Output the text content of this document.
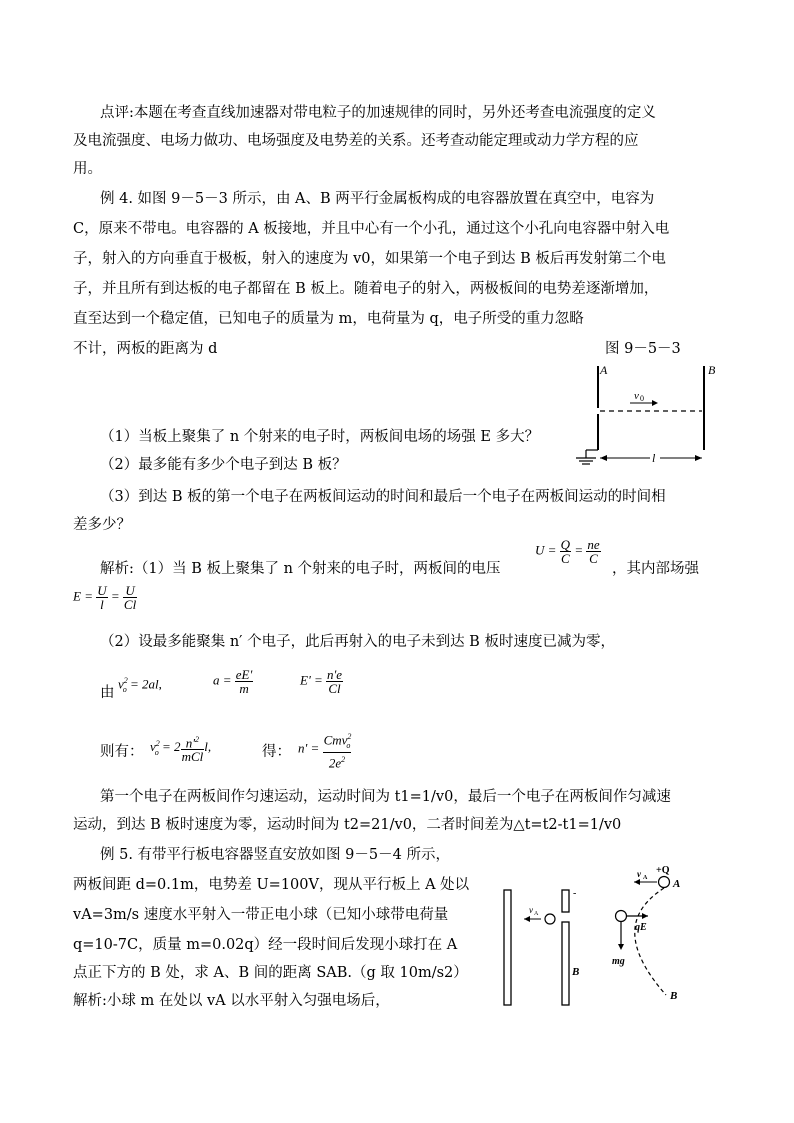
点评:本题在考查直线加速器对带电粒子的加速规律的同时，另外还考查电流强度的定义
及电流强度、电场力做功、电场强度及电势差的关系。还考查动能定理或动力学方程的应
用。
例 4. 如图 9－5－3 所示，由 A、B 两平行金属板构成的电容器放置在真空中，电容为
C，原来不带电。电容器的 A 板接地，并且中心有一个小孔，通过这个小孔向电容器中射入电
子，射入的方向垂直于极板，射入的速度为 v0，如果第一个电子到达 B 板后再发射第二个电
子，并且所有到达板的电子都留在 B 板上。随着电子的射入，两极板间的电势差逐渐增加，
直至达到一个稳定值，已知电子的质量为 m，电荷量为 q，电子所受的重力忽略
不计，两板的距离为 d	图 9－5－3
A	B
v 0
l
（1）当板上聚集了 n 个射来的电子时，两板间电场的场强 E 多大？
（2）最多能有多少个电子到达 B 板？
（3）到达 B 板的第一个电子在两板间运动的时间和最后一个电子在两板间运动的时间相
差多少？
解析:（1）当 B 板上聚集了 n 个射来的电子时，两板间的电压
$U = \frac{Q}{C} = \frac{ne}{C}$
，其内部场强
$E = \frac{U}{l} = \frac{U}{Cl}$
（2）设最多能聚集 n′ 个电子，此后再射入的电子未到达 B 板时速度已减为零，
由
$v^2_o = 2al$,	$a = \frac{eE'}{m}$	$E' = \frac{n'e}{Cl}$
则有： $v^2_o = 2 \frac{n'^2}{\text{mCl}} l$,	得： $n' = \frac{Cmv^2_o}{2e^2}$
第一个电子在两板间作匀速运动，运动时间为 t1=1/v0，最后一个电子在两板间作匀减速
运动，到达 B 板时速度为零，运动时间为 t2=21/v0，二者时间差为△t=t2-t1=1/v0
例 5. 有带平行板电容器竖直安放如图 9－5－4 所示，
两板间距 d=0.1m，电势差 U=100V，现从平行板上 A 处以
vA=3m/s 速度水平射入一带正电小球（已知小球带电荷量
q=10-7C，质量 m=0.02q）经一段时间后发现小球打在 A
点正下方的 B 处，求 A、B 间的距离 SAB.（g 取 10m/s2）
解析:小球 m 在处以 vA 以水平射入匀强电场后，
v A
-
B
v A
+Q
A
qE
mg
B
